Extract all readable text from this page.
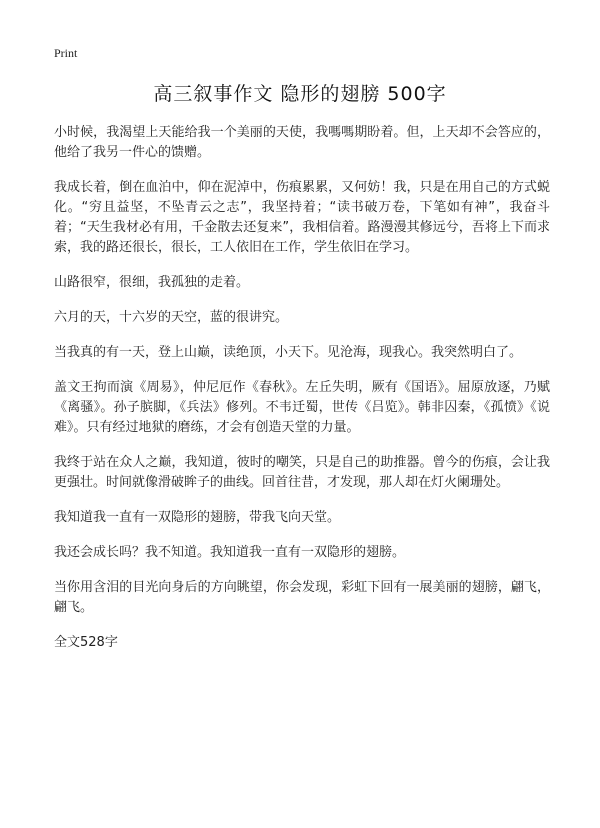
Print
高三叙事作文 隐形的翅膀 500字

小时候，我渴望上天能给我一个美丽的天使，我嗎嗎期盼着。但，上天却不会答应的，他给了我另一件心的馈赠。

我成长着，倒在血泊中，仰在泥淖中，伤痕累累，又何妨！我，只是在用自己的方式蜕化。“穷且益坚，不坠青云之志”，我坚持着；“读书破万卷，下笔如有神”，我奋斗着；“天生我材必有用，千金散去还复来”，我相信着。路漫漫其修远兮，吾将上下而求索，我的路还很长，很长，工人依旧在工作，学生依旧在学习。

山路很窄，很细，我孤独的走着。

六月的天，十六岁的天空，蓝的很讲究。

当我真的有一天，登上山巅，读绝顶，小天下。见沧海，现我心。我突然明白了。

盖文王拘而演《周易》，仲尼厄作《春秋》。左丘失明，厥有《国语》。屈原放逐，乃赋《离骚》。孙子膑脚，《兵法》修列。不韦迁蜀，世传《吕览》。韩非囚秦，《孤愤》《说难》。只有经过地狱的磨练，才会有创造天堂的力量。

我终于站在众人之巅，我知道，彼时的嘲笑，只是自己的助推器。曾今的伤痕，会让我更强壮。时间就像滑破眸子的曲线。回首往昔，才发现，那人却在灯火阑珊处。

我知道我一直有一双隐形的翅膀，带我飞向天堂。

我还会成长吗？我不知道。我知道我一直有一双隐形的翅膀。

当你用含泪的目光向身后的方向眺望，你会发现，彩虹下回有一展美丽的翅膀，翩飞，翩飞。

全文528字
